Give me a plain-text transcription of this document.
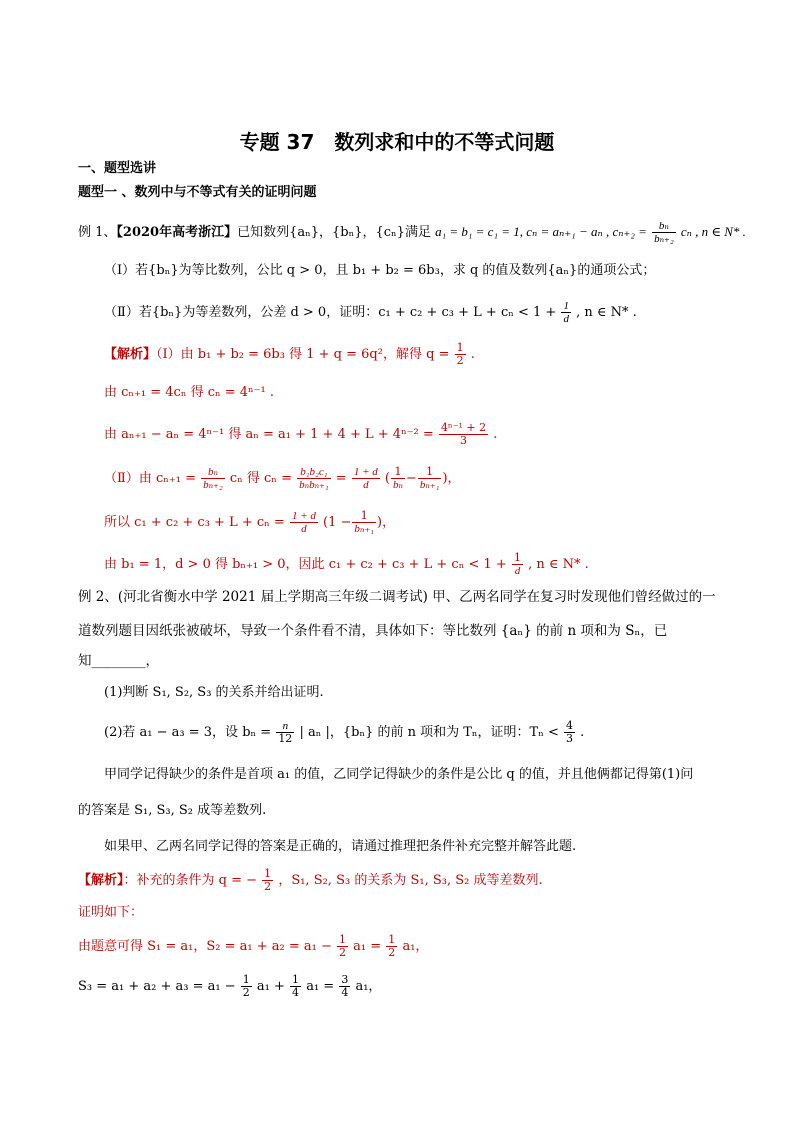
专题 37　数列求和中的不等式问题
一、题型选讲
题型一 、数列中与不等式有关的证明问题
例 1、【2020年高考浙江】已知数列{aₙ}，{bₙ}，{cₙ}满足 a₁ = b₁ = c₁ = 1, cₙ = aₙ₊₁ − aₙ , $c_{n+2} = \frac{\text{bₙ}}{\text{bₙ₊₂}}$ cₙ , n ∈ N* .
（Ⅰ）若{bₙ}为等比数列，公比 q > 0，且 b₁ + b₂ = 6b₃，求 q 的值及数列{aₙ}的通项公式；
（Ⅱ）若{bₙ}为等差数列，公差 d > 0，证明：$c_1 + c_2 + c_3 + L + c_n < 1 + \frac{1}{d}$ , n ∈ N* .
【解析】（Ⅰ）由 b₁ + b₂ = 6b₃ 得 1 + q = 6q²，解得 $q = \frac{1}{2}$ .
由 cₙ₊₁ = 4cₙ 得 cₙ = 4ⁿ⁻¹ .
由 aₙ₊₁ − aₙ = 4ⁿ⁻¹ 得 $a_n = a_1 + 1 + 4 + L + 4^{n-2} = \frac{\text{4ⁿ⁻¹ + 2}}{3}$ .
（Ⅱ）由 $c_{n+1} = \frac{\text{bₙ}}{\text{bₙ₊₂}}$ cₙ 得 $c_n = \frac{\text{b₁b₂c₁}}{\text{bₙbₙ₊₁}} = \frac{1 + d}{d}$ ( $\frac{1}{\text{bₙ}} - \frac{1}{\text{bₙ₊₁}}$ )，
所以 $c_1 + c_2 + c_3 + L + c_n = \frac{1 + d}{d} (1 - \frac{1}{\text{bₙ₊₁}}$ )，
由 b₁ = 1，d > 0 得 bₙ₊₁ > 0，因此 $c_1 + c_2 + c_3 + L + c_n < 1 + \frac{1}{d}$ , n ∈ N* .
例 2、(河北省衡水中学 2021 届上学期高三年级二调考试) 甲、乙两名同学在复习时发现他们曾经做过的一
道数列题目因纸张被破坏，导致一个条件看不清，具体如下：等比数列 {aₙ} 的前 n 项和为 Sₙ，已
知________，
(1)判断 S₁, S₂, S₃ 的关系并给出证明.
(2)若 a₁ − a₃ = 3，设 $b_n = \frac{n}{12}$ | aₙ |，{bₙ} 的前 n 项和为 Tₙ，证明：$T_n < \frac{4}{3}$ .
甲同学记得缺少的条件是首项 a₁ 的值，乙同学记得缺少的条件是公比 q 的值，并且他俩都记得第(1)问
的答案是 S₁, S₃, S₂ 成等差数列.
如果甲、乙两名同学记得的答案是正确的，请通过推理把条件补充完整并解答此题.
【解析】：补充的条件为 q = − $\frac{1}{2}$ ，S₁, S₂, S₃ 的关系为 S₁, S₃, S₂ 成等差数列.
证明如下：
由题意可得 S₁ = a₁，$S_2 = a_1 + a_2 = a_1 - \frac{1}{2} a_1 = \frac{1}{2} a_1$，
$S_3 = a_1 + a_2 + a_3 = a_1 - \frac{1}{2} a_1 + \frac{1}{4} a_1 = \frac{3}{4} a_1$，
